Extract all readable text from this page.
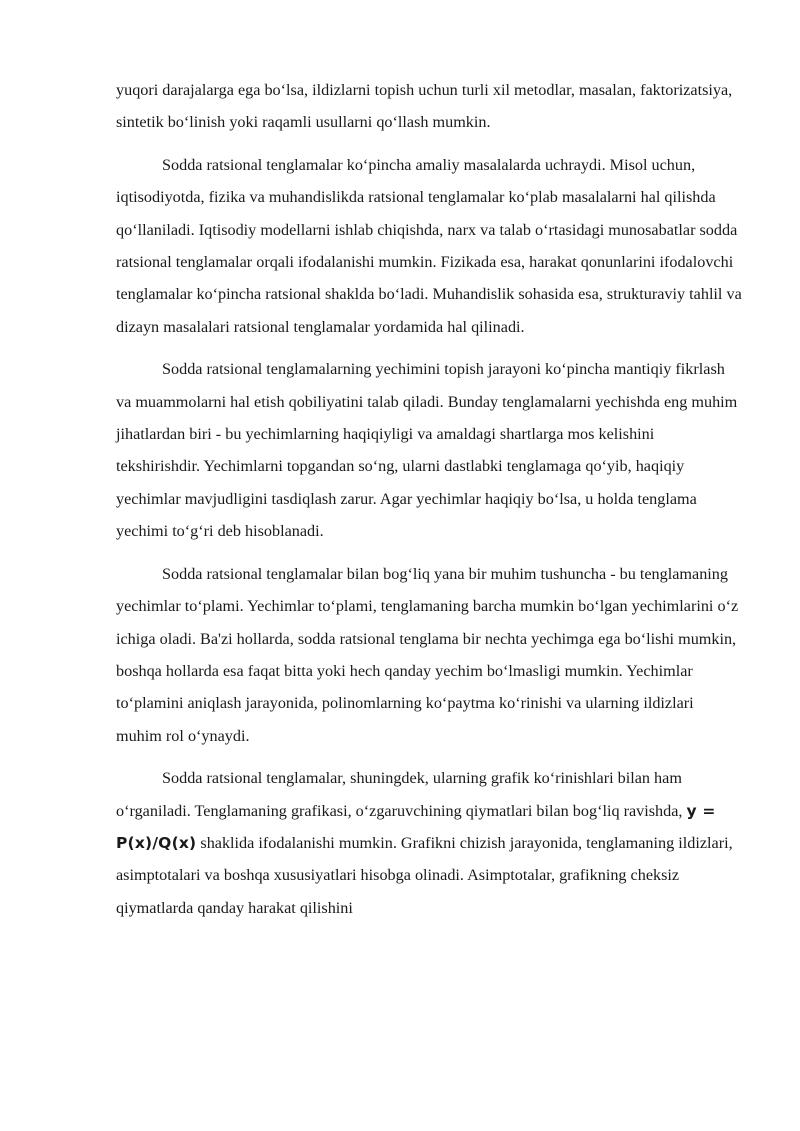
yuqori darajalarga ega bo‘lsa, ildizlarni topish uchun turli xil metodlar, masalan, faktorizatsiya, sintetik bo‘linish yoki raqamli usullarni qo‘llash mumkin.

Sodda ratsional tenglamalar ko‘pincha amaliy masalalarda uchraydi. Misol uchun, iqtisodiyotda, fizika va muhandislikda ratsional tenglamalar ko‘plab masalalarni hal qilishda qo‘llaniladi. Iqtisodiy modellarni ishlab chiqishda, narx va talab o‘rtasidagi munosabatlar sodda ratsional tenglamalar orqali ifodalanishi mumkin. Fizikada esa, harakat qonunlarini ifodalovchi tenglamalar ko‘pincha ratsional shaklda bo‘ladi. Muhandislik sohasida esa, strukturaviy tahlil va dizayn masalalari ratsional tenglamalar yordamida hal qilinadi.

Sodda ratsional tenglamalarning yechimini topish jarayoni ko‘pincha mantiqiy fikrlash va muammolarni hal etish qobiliyatini talab qiladi. Bunday tenglamalarni yechishda eng muhim jihatlardan biri - bu yechimlarning haqiqiyligi va amaldagi shartlarga mos kelishini tekshirishdir. Yechimlarni topgandan so‘ng, ularni dastlabki tenglamaga qo‘yib, haqiqiy yechimlar mavjudligini tasdiqlash zarur. Agar yechimlar haqiqiy bo‘lsa, u holda tenglama yechimi to‘g‘ri deb hisoblanadi.

Sodda ratsional tenglamalar bilan bog‘liq yana bir muhim tushuncha - bu tenglamaning yechimlar to‘plami. Yechimlar to‘plami, tenglamaning barcha mumkin bo‘lgan yechimlarini o‘z ichiga oladi. Ba'zi hollarda, sodda ratsional tenglama bir nechta yechimga ega bo‘lishi mumkin, boshqa hollarda esa faqat bitta yoki hech qanday yechim bo‘lmasligi mumkin. Yechimlar to‘plamini aniqlash jarayonida, polinomlarning ko‘paytma ko‘rinishi va ularning ildizlari muhim rol o‘ynaydi.

Sodda ratsional tenglamalar, shuningdek, ularning grafik ko‘rinishlari bilan ham o‘rganiladi. Tenglamaning grafikasi, o‘zgaruvchining qiymatlari bilan bog‘liq ravishda, y = P(x)/Q(x) shaklida ifodalanishi mumkin. Grafikni chizish jarayonida, tenglamaning ildizlari, asimptotalari va boshqa xususiyatlari hisobga olinadi. Asimptotalar, grafikning cheksiz qiymatlarda qanday harakat qilishini
